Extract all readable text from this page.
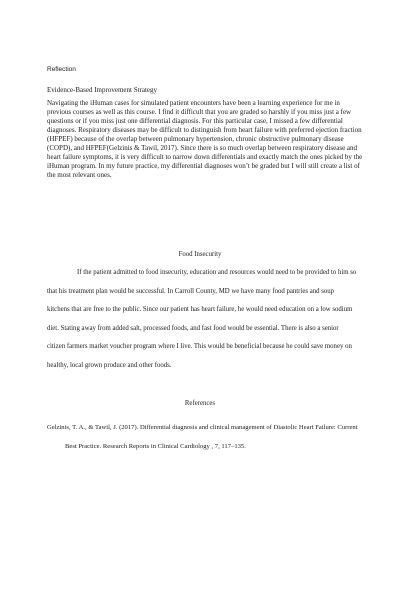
Reflection
Evidence-Based Improvement Strategy
Navigating the iHuman cases for simulated patient encounters have been a learning experience for me in previous courses as well as this course. I find it difficult that you are graded so harshly if you miss just a few questions or if you miss just one differential diagnosis. For this particular case, I missed a few differential diagnoses. Respiratory diseases may be difficult to distinguish from heart failure with preferred ejection fraction (HFPEF) because of the overlap between pulmonary hypertension, chronic obstructive pulmonary disease (COPD), and HFPEF(Gelzinis & Tawil, 2017). Since there is so much overlap between respiratory disease and heart failure symptoms, it is very difficult to narrow down differentials and exactly match the ones picked by the iHuman program. In my future practice, my differential diagnoses won’t be graded but I will still create a list of the most relevant ones.
Food Insecurity
If the patient admitted to food insecurity, education and resources would need to be provided to him so that his treatment plan would be successful. In Carroll County, MD we have many food pantries and soup kitchens that are free to the public. Since our patient has heart failure, he would need education on a low sodium diet. Stating away from added salt, processed foods, and fast food would be essential. There is also a senior citizen farmers market voucher program where I live. This would be beneficial because he could save money on healthy, local grown produce and other foods.
References
Gelzinis, T. A., & Tawil, J. (2017). Differential diagnosis and clinical management of Diastolic Heart Failure: Current Best Practice. Research Reports in Clinical Cardiology , 7, 117–135.
